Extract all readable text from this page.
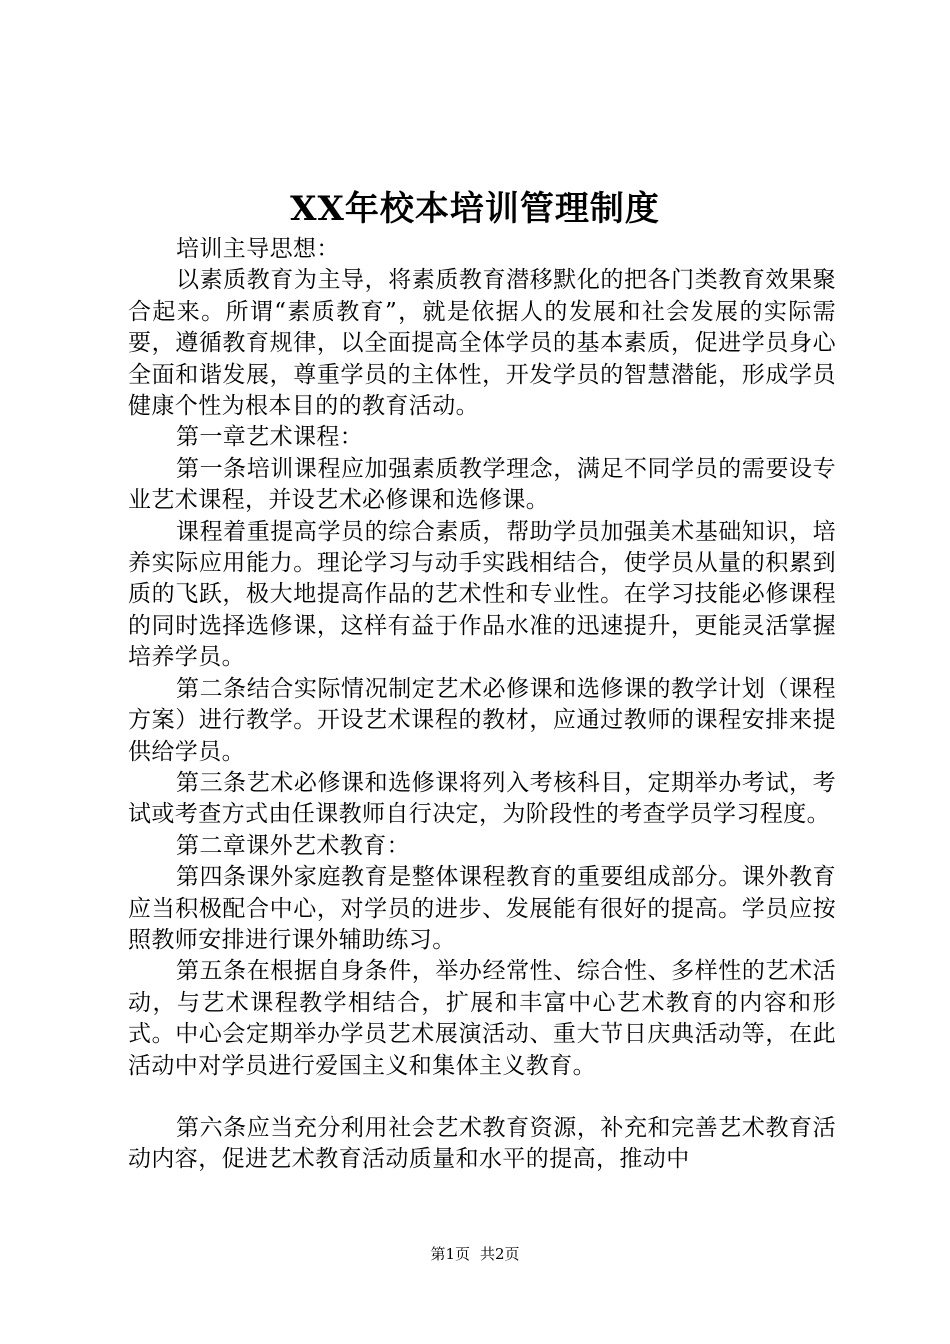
XX年校本培训管理制度

培训主导思想：

以素质教育为主导，将素质教育潜移默化的把各门类教育效果聚合起来。所谓“素质教育”，就是依据人的发展和社会发展的实际需要，遵循教育规律，以全面提高全体学员的基本素质，促进学员身心全面和谐发展，尊重学员的主体性，开发学员的智慧潜能，形成学员健康个性为根本目的的教育活动。

第一章艺术课程：

第一条培训课程应加强素质教学理念，满足不同学员的需要设专业艺术课程，并设艺术必修课和选修课。

课程着重提高学员的综合素质，帮助学员加强美术基础知识，培养实际应用能力。理论学习与动手实践相结合，使学员从量的积累到质的飞跃，极大地提高作品的艺术性和专业性。在学习技能必修课程的同时选择选修课，这样有益于作品水准的迅速提升，更能灵活掌握培养学员。

第二条结合实际情况制定艺术必修课和选修课的教学计划（课程方案）进行教学。开设艺术课程的教材，应通过教师的课程安排来提供给学员。

第三条艺术必修课和选修课将列入考核科目，定期举办考试，考试或考查方式由任课教师自行决定，为阶段性的考查学员学习程度。

第二章课外艺术教育：

第四条课外家庭教育是整体课程教育的重要组成部分。课外教育应当积极配合中心，对学员的进步、发展能有很好的提高。学员应按照教师安排进行课外辅助练习。

第五条在根据自身条件，举办经常性、综合性、多样性的艺术活动，与艺术课程教学相结合，扩展和丰富中心艺术教育的内容和形式。中心会定期举办学员艺术展演活动、重大节日庆典活动等，在此活动中对学员进行爱国主义和集体主义教育。

第六条应当充分利用社会艺术教育资源，补充和完善艺术教育活动内容，促进艺术教育活动质量和水平的提高，推动中

第1页 共2页
